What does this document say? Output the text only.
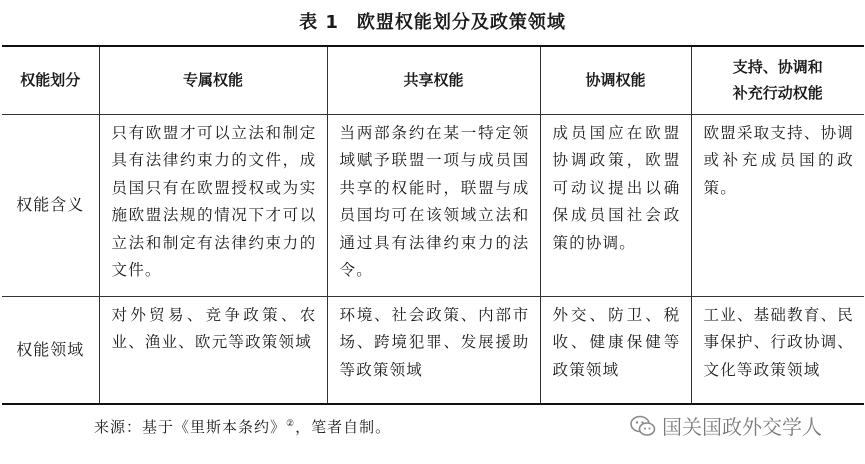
表 1 欧盟权能划分及政策领域
权能划分	专属权能	共享权能	协调权能	支持、协调和
补充行动权能

权能含义	只有欧盟才可以立法和制定具有法律约束力的文件，成员国只有在欧盟授权或为实施欧盟法规的情况下才可以立法和制定有法律约束力的文件。	当两部条约在某一特定领域赋予联盟一项与成员国共享的权能时，联盟与成员国均可在该领域立法和通过具有法律约束力的法令。	成员国应在欧盟协调政策，欧盟可动议提出以确保成员国社会政策的协调。	欧盟采取支持、协调或补充成员国的政策。

权能领域	对外贸易、竞争政策、农业、渔业、欧元等政策领域	环境、社会政策、内部市场、跨境犯罪、发展援助等政策领域	外交、防卫、税收、健康保健等政策领域	工业、基础教育、民事保护、行政协调、文化等政策领域
来源：基于《里斯本条约》②，笔者自制。	国关国政外交学人
